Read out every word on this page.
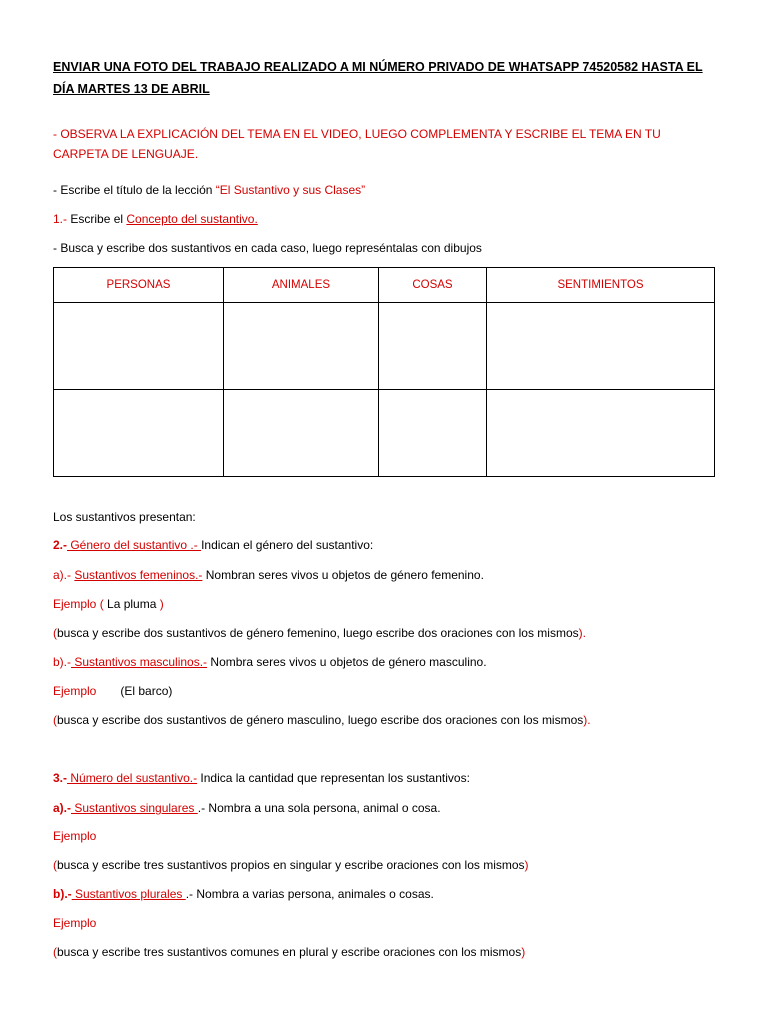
ENVIAR UNA FOTO DEL TRABAJO REALIZADO A MI NÚMERO PRIVADO DE WHATSAPP 74520582 HASTA EL DÍA MARTES 13 DE ABRIL
- OBSERVA LA EXPLICACIÓN DEL TEMA EN EL VIDEO, LUEGO COMPLEMENTA Y ESCRIBE EL TEMA EN TU CARPETA DE LENGUAJE.
- Escribe el título de la lección “El Sustantivo y sus Clases”
1.- Escribe el Concepto del sustantivo.
- Busca y escribe dos sustantivos en cada caso, luego represéntalas con dibujos
PERSONAS	ANIMALES	COSAS	SENTIMIENTOS

Los sustantivos presentan:
2.- Género del sustantivo .- Indican el género del sustantivo:
a).- Sustantivos femeninos.- Nombran seres vivos u objetos de género femenino.
Ejemplo ( La pluma )
(busca y escribe dos sustantivos de género femenino, luego escribe dos oraciones con los mismos).
b).- Sustantivos masculinos.- Nombra seres vivos u objetos de género masculino.
Ejemplo (El barco)
(busca y escribe dos sustantivos de género masculino, luego escribe dos oraciones con los mismos).
3.- Número del sustantivo.- Indica la cantidad que representan los sustantivos:
a).- Sustantivos singulares .- Nombra a una sola persona, animal o cosa.
Ejemplo
(busca y escribe tres sustantivos propios en singular y escribe oraciones con los mismos)
b).- Sustantivos plurales .- Nombra a varias persona, animales o cosas.
Ejemplo
(busca y escribe tres sustantivos comunes en plural y escribe oraciones con los mismos)
